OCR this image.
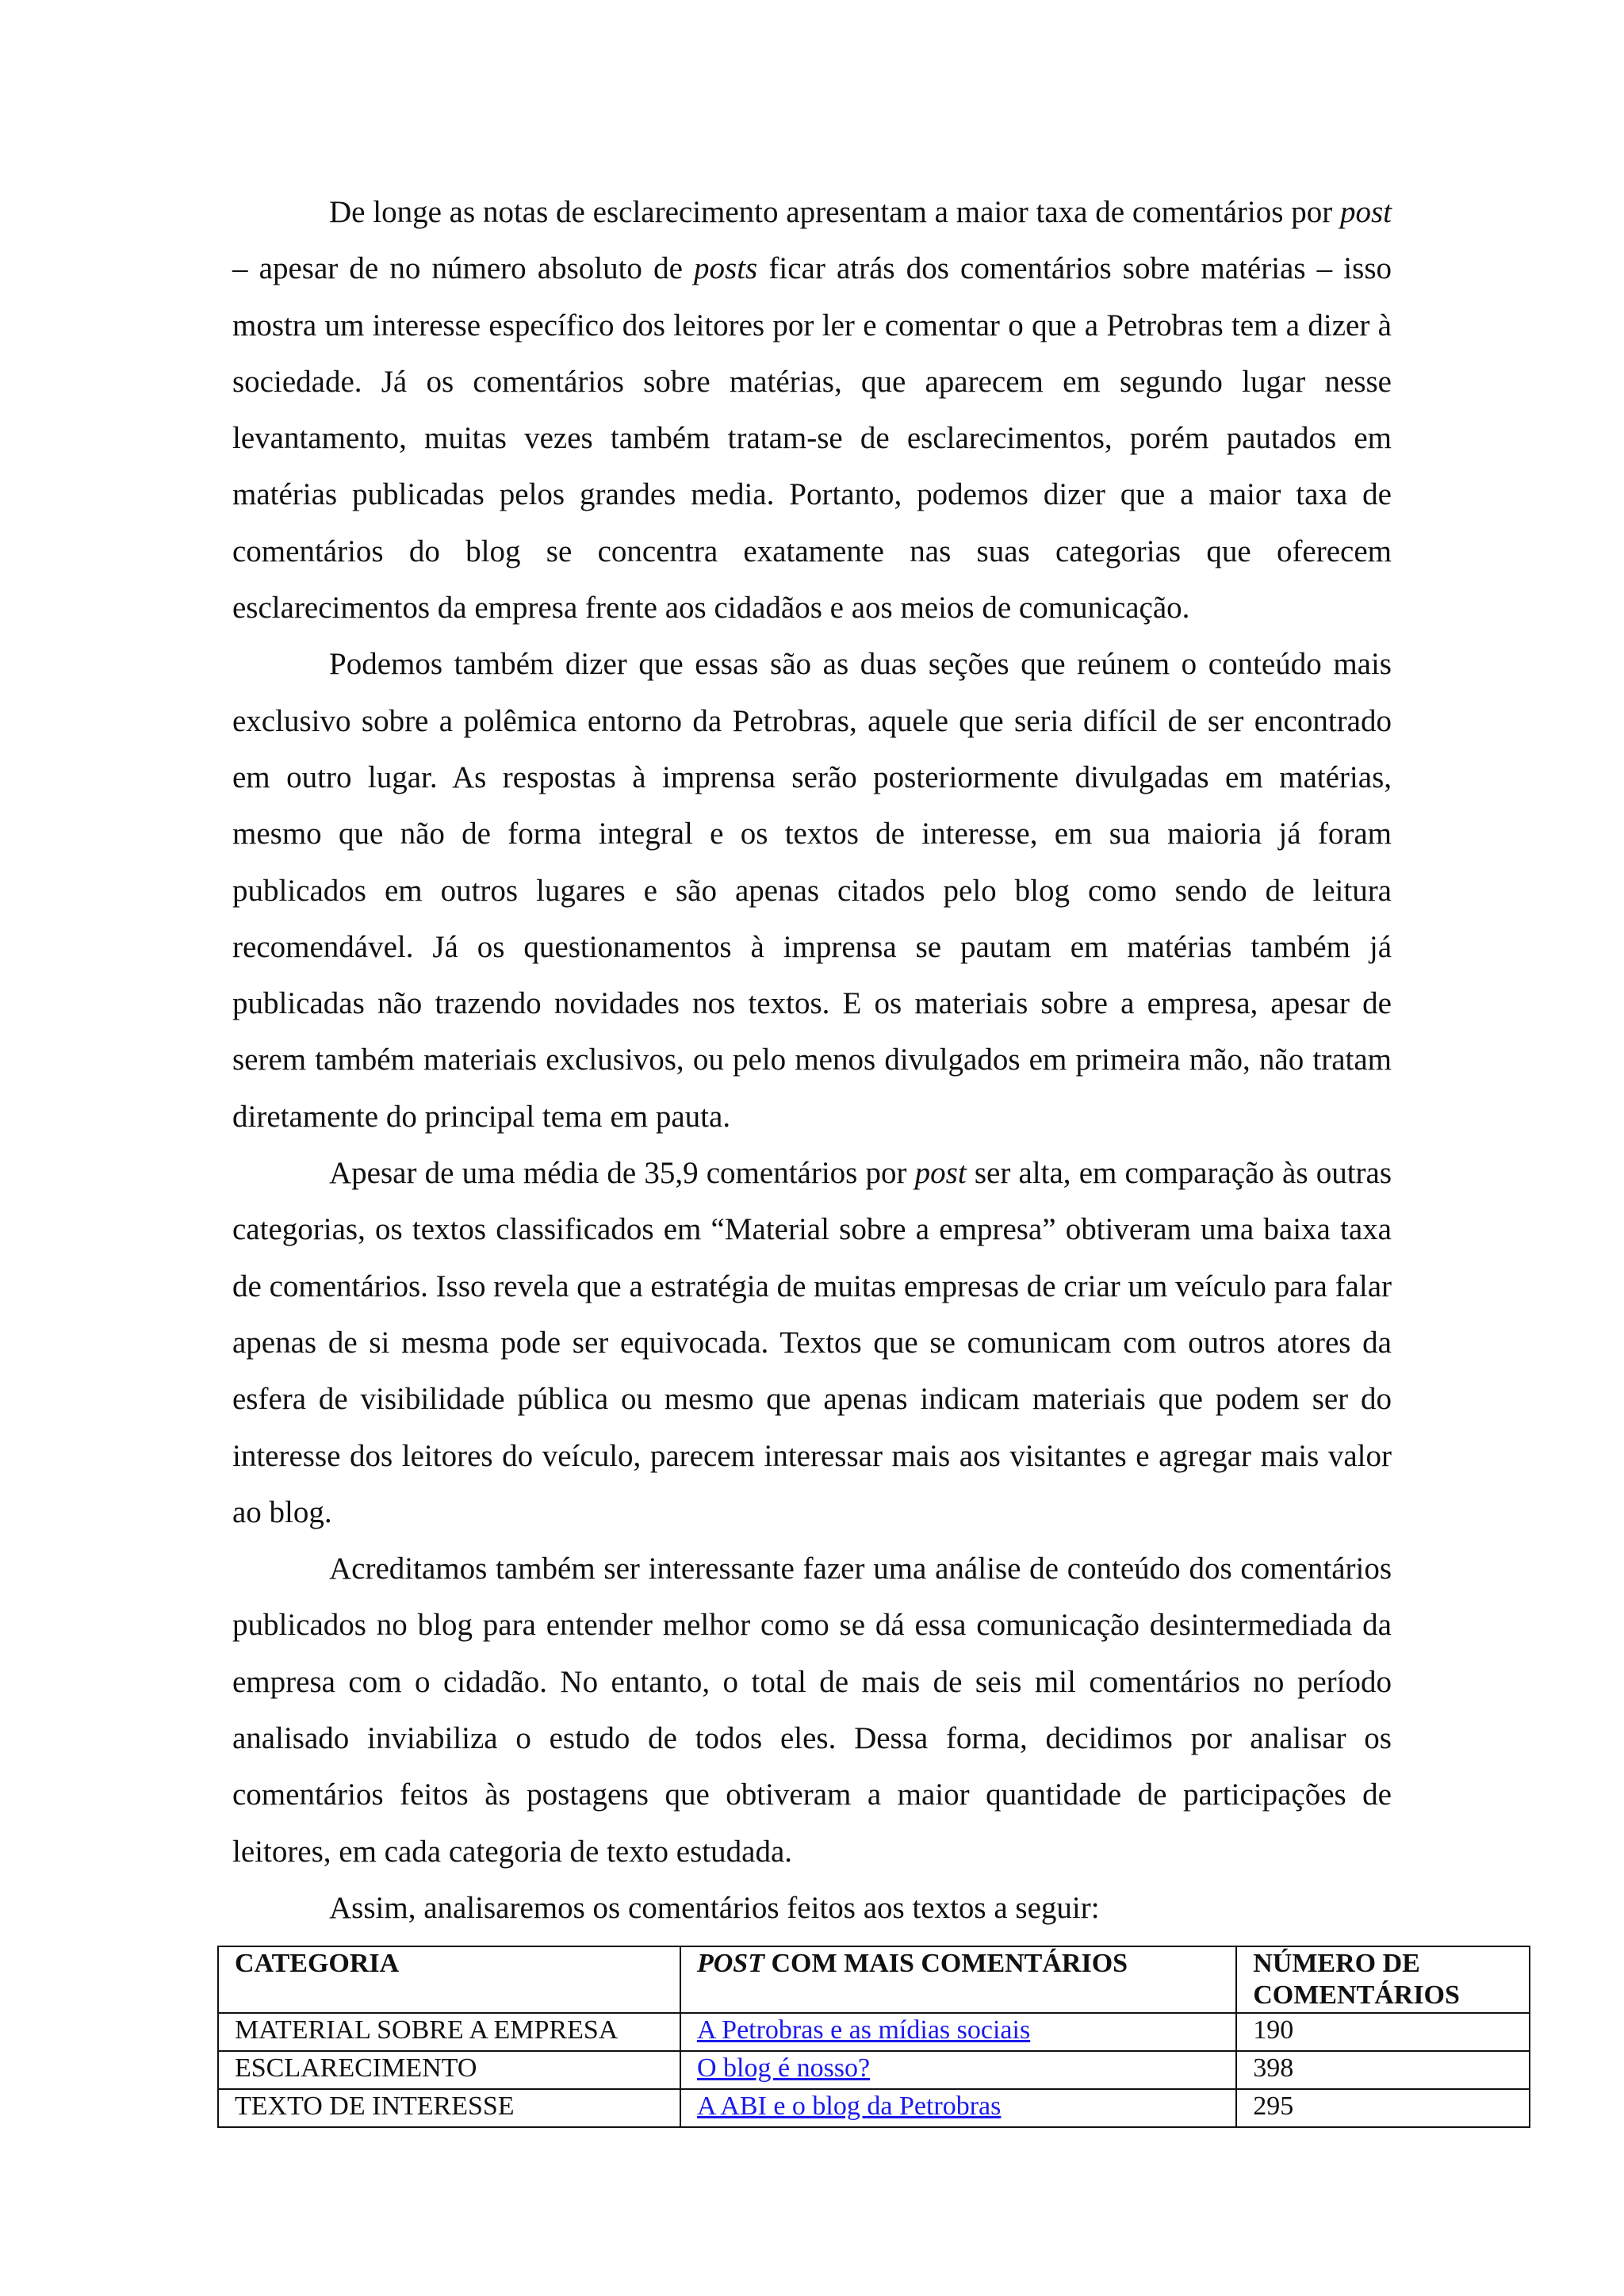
De longe as notas de esclarecimento apresentam a maior taxa de comentários por post – apesar de no número absoluto de posts ficar atrás dos comentários sobre matérias – isso mostra um interesse específico dos leitores por ler e comentar o que a Petrobras tem a dizer à sociedade. Já os comentários sobre matérias, que aparecem em segundo lugar nesse levantamento, muitas vezes também tratam-se de esclarecimentos, porém pautados em matérias publicadas pelos grandes media. Portanto, podemos dizer que a maior taxa de comentários do blog se concentra exatamente nas suas categorias que oferecem esclarecimentos da empresa frente aos cidadãos e aos meios de comunicação.

Podemos também dizer que essas são as duas seções que reúnem o conteúdo mais exclusivo sobre a polêmica entorno da Petrobras, aquele que seria difícil de ser encontrado em outro lugar. As respostas à imprensa serão posteriormente divulgadas em matérias, mesmo que não de forma integral e os textos de interesse, em sua maioria já foram publicados em outros lugares e são apenas citados pelo blog como sendo de leitura recomendável. Já os questionamentos à imprensa se pautam em matérias também já publicadas não trazendo novidades nos textos. E os materiais sobre a empresa, apesar de serem também materiais exclusivos, ou pelo menos divulgados em primeira mão, não tratam diretamente do principal tema em pauta.

Apesar de uma média de 35,9 comentários por post ser alta, em comparação às outras categorias, os textos classificados em “Material sobre a empresa” obtiveram uma baixa taxa de comentários. Isso revela que a estratégia de muitas empresas de criar um veículo para falar apenas de si mesma pode ser equivocada. Textos que se comunicam com outros atores da esfera de visibilidade pública ou mesmo que apenas indicam materiais que podem ser do interesse dos leitores do veículo, parecem interessar mais aos visitantes e agregar mais valor ao blog.

Acreditamos também ser interessante fazer uma análise de conteúdo dos comentários publicados no blog para entender melhor como se dá essa comunicação desintermediada da empresa com o cidadão. No entanto, o total de mais de seis mil comentários no período analisado inviabiliza o estudo de todos eles. Dessa forma, decidimos por analisar os comentários feitos às postagens que obtiveram a maior quantidade de participações de leitores, em cada categoria de texto estudada.

Assim, analisaremos os comentários feitos aos textos a seguir:

CATEGORIA	POST COM MAIS COMENTÁRIOS	NÚMERO DE COMENTÁRIOS
MATERIAL SOBRE A EMPRESA	A Petrobras e as mídias sociais	190
ESCLARECIMENTO	O blog é nosso?	398
TEXTO DE INTERESSE	A ABI e o blog da Petrobras	295
